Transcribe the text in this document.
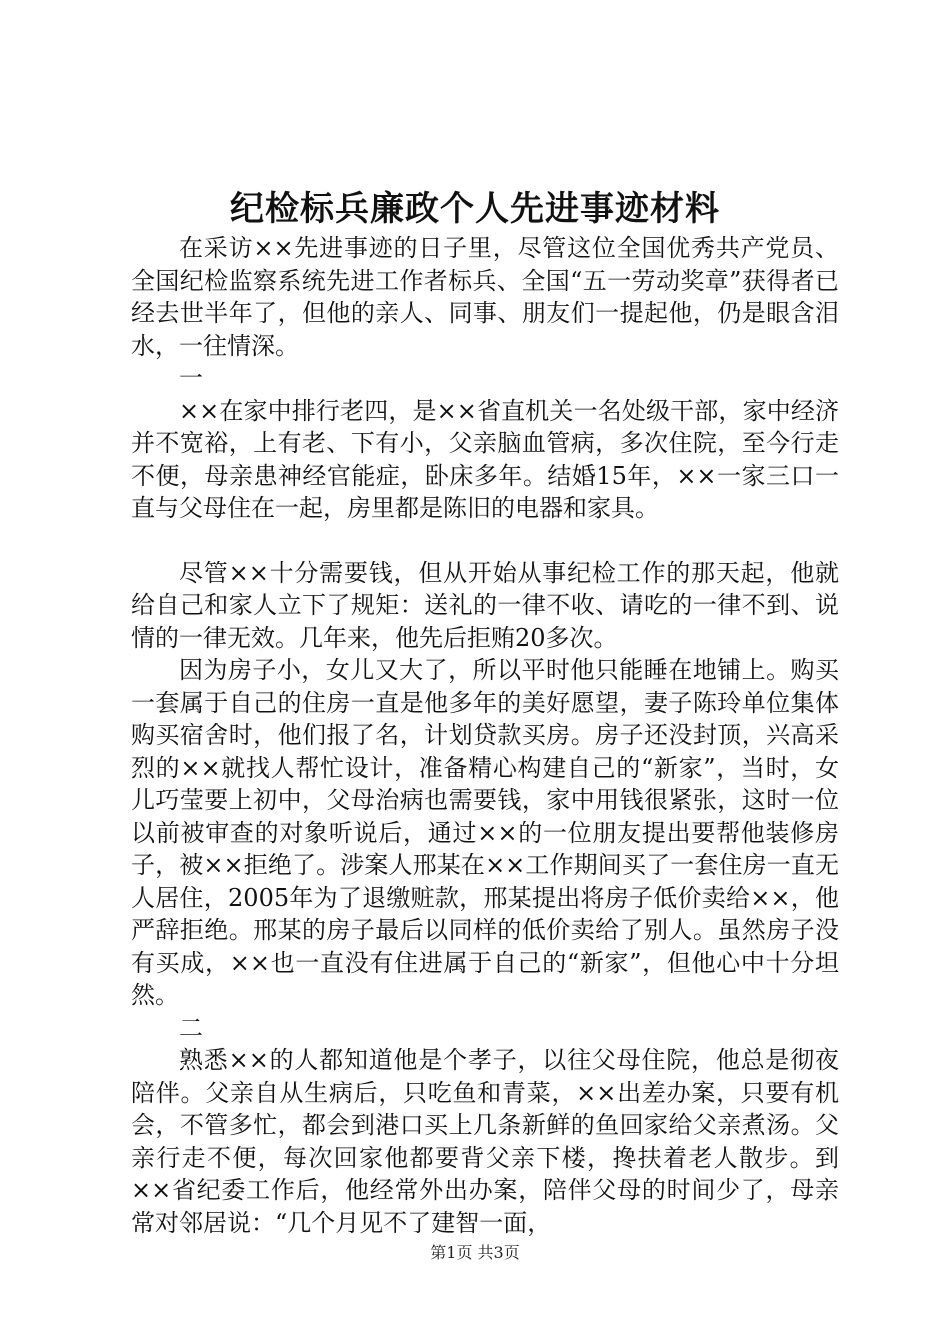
纪检标兵廉政个人先进事迹材料

在采访××先进事迹的日子里，尽管这位全国优秀共产党员、全国纪检监察系统先进工作者标兵、全国“五一劳动奖章”获得者已经去世半年了，但他的亲人、同事、朋友们一提起他，仍是眼含泪水，一往情深。

一

××在家中排行老四，是××省直机关一名处级干部，家中经济并不宽裕，上有老、下有小，父亲脑血管病，多次住院，至今行走不便，母亲患神经官能症，卧床多年。结婚15年，××一家三口一直与父母住在一起，房里都是陈旧的电器和家具。

尽管××十分需要钱，但从开始从事纪检工作的那天起，他就给自己和家人立下了规矩：送礼的一律不收、请吃的一律不到、说情的一律无效。几年来，他先后拒贿20多次。

因为房子小，女儿又大了，所以平时他只能睡在地铺上。购买一套属于自己的住房一直是他多年的美好愿望，妻子陈玲单位集体购买宿舍时，他们报了名，计划贷款买房。房子还没封顶，兴高采烈的××就找人帮忙设计，准备精心构建自己的“新家”，当时，女儿巧莹要上初中，父母治病也需要钱，家中用钱很紧张，这时一位以前被审查的对象听说后，通过××的一位朋友提出要帮他装修房子，被××拒绝了。涉案人邢某在××工作期间买了一套住房一直无人居住，2005年为了退缴赃款，邢某提出将房子低价卖给××，他严辞拒绝。邢某的房子最后以同样的低价卖给了别人。虽然房子没有买成，××也一直没有住进属于自己的“新家”，但他心中十分坦然。

二

熟悉××的人都知道他是个孝子，以往父母住院，他总是彻夜陪伴。父亲自从生病后，只吃鱼和青菜，××出差办案，只要有机会，不管多忙，都会到港口买上几条新鲜的鱼回家给父亲煮汤。父亲行走不便，每次回家他都要背父亲下楼，搀扶着老人散步。到××省纪委工作后，他经常外出办案，陪伴父母的时间少了，母亲常对邻居说：“几个月见不了建智一面，

第1页 共3页
